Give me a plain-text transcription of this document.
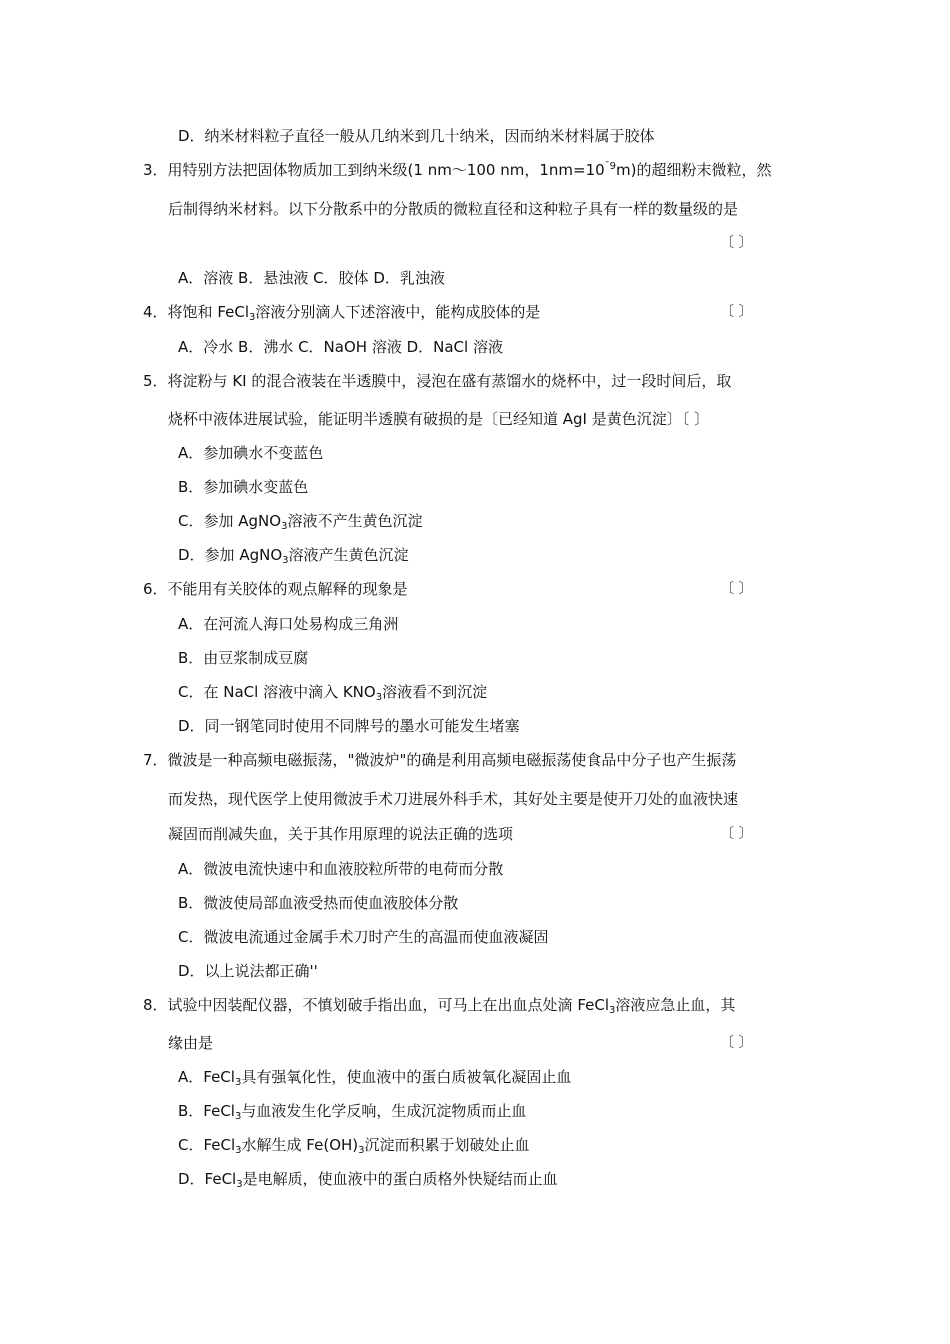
D．纳米材料粒子直径一般从几纳米到几十纳米，因而纳米材料属于胶体
3．用特别方法把固体物质加工到纳米级(1 nm～100 nm，$1nm=10^{ˉ9}m$)的超细粉末微粒，然
后制得纳米材料。以下分散系中的分散质的微粒直径和这种粒子具有一样的数量级的是
〔 〕
A．溶液 B．悬浊液 C．胶体 D．乳浊液
4．将饱和 FeCl$_3$溶液分别滴人下述溶液中，能构成胶体的是	〔 〕
A．冷水 B．沸水 C．NaOH 溶液 D．NaCl 溶液
5．将淀粉与 KI 的混合液装在半透膜中，浸泡在盛有蒸馏水的烧杯中，过一段时间后，取
烧杯中液体进展试验，能证明半透膜有破损的是〔已经知道 AgI 是黄色沉淀〕〔 〕
A．参加碘水不变蓝色
B．参加碘水变蓝色
C．参加 AgNO$_3$溶液不产生黄色沉淀
D．参加 AgNO$_3$溶液产生黄色沉淀
6．不能用有关胶体的观点解释的现象是	〔 〕
A．在河流人海口处易构成三角洲
B．由豆浆制成豆腐
C．在 NaCl 溶液中滴入 $KNO_3$溶液看不到沉淀
D．同一钢笔同时使用不同牌号的墨水可能发生堵塞
7．微波是一种高频电磁振荡，"微波炉"的确是利用高频电磁振荡使食品中分子也产生振荡
而发热，现代医学上使用微波手术刀进展外科手术，其好处主要是使开刀处的血液快速
凝固而削减失血，关于其作用原理的说法正确的选项	〔 〕
A．微波电流快速中和血液胶粒所带的电荷而分散
B．微波使局部血液受热而使血液胶体分散
C．微波电流通过金属手术刀时产生的高温而使血液凝固
D．以上说法都正确''
8．试验中因装配仪器，不慎划破手指出血，可马上在出血点处滴 FeCl$_3$溶液应急止血，其
缘由是	〔 〕
A．FeCl$_3$具有强氧化性，使血液中的蛋白质被氧化凝固止血
B．FeCl$_3$与血液发生化学反响，生成沉淀物质而止血
C．FeCl$_3$水解生成 $Fe(OH)_3$沉淀而积累于划破处止血
D．FeCl$_3$是电解质，使血液中的蛋白质格外快疑结而止血
